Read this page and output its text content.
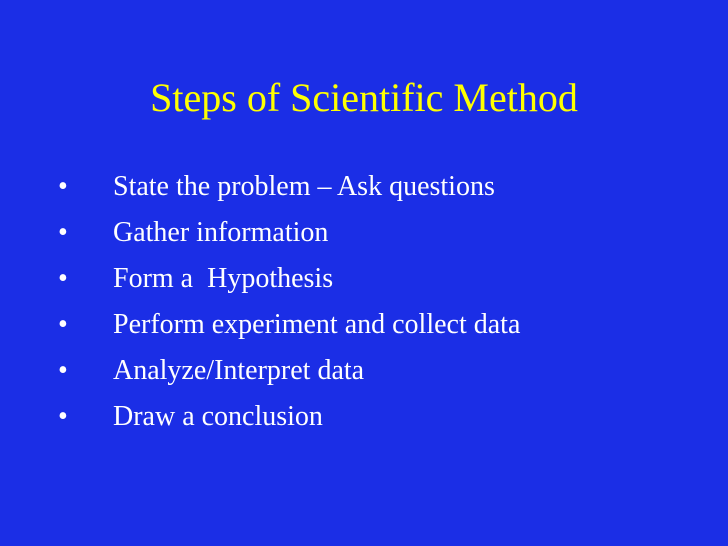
Steps of Scientific Method
•	State the problem – Ask questions
•	Gather information
•	Form a  Hypothesis
•	Perform experiment and collect data
•	Analyze/Interpret data
•	Draw a conclusion
